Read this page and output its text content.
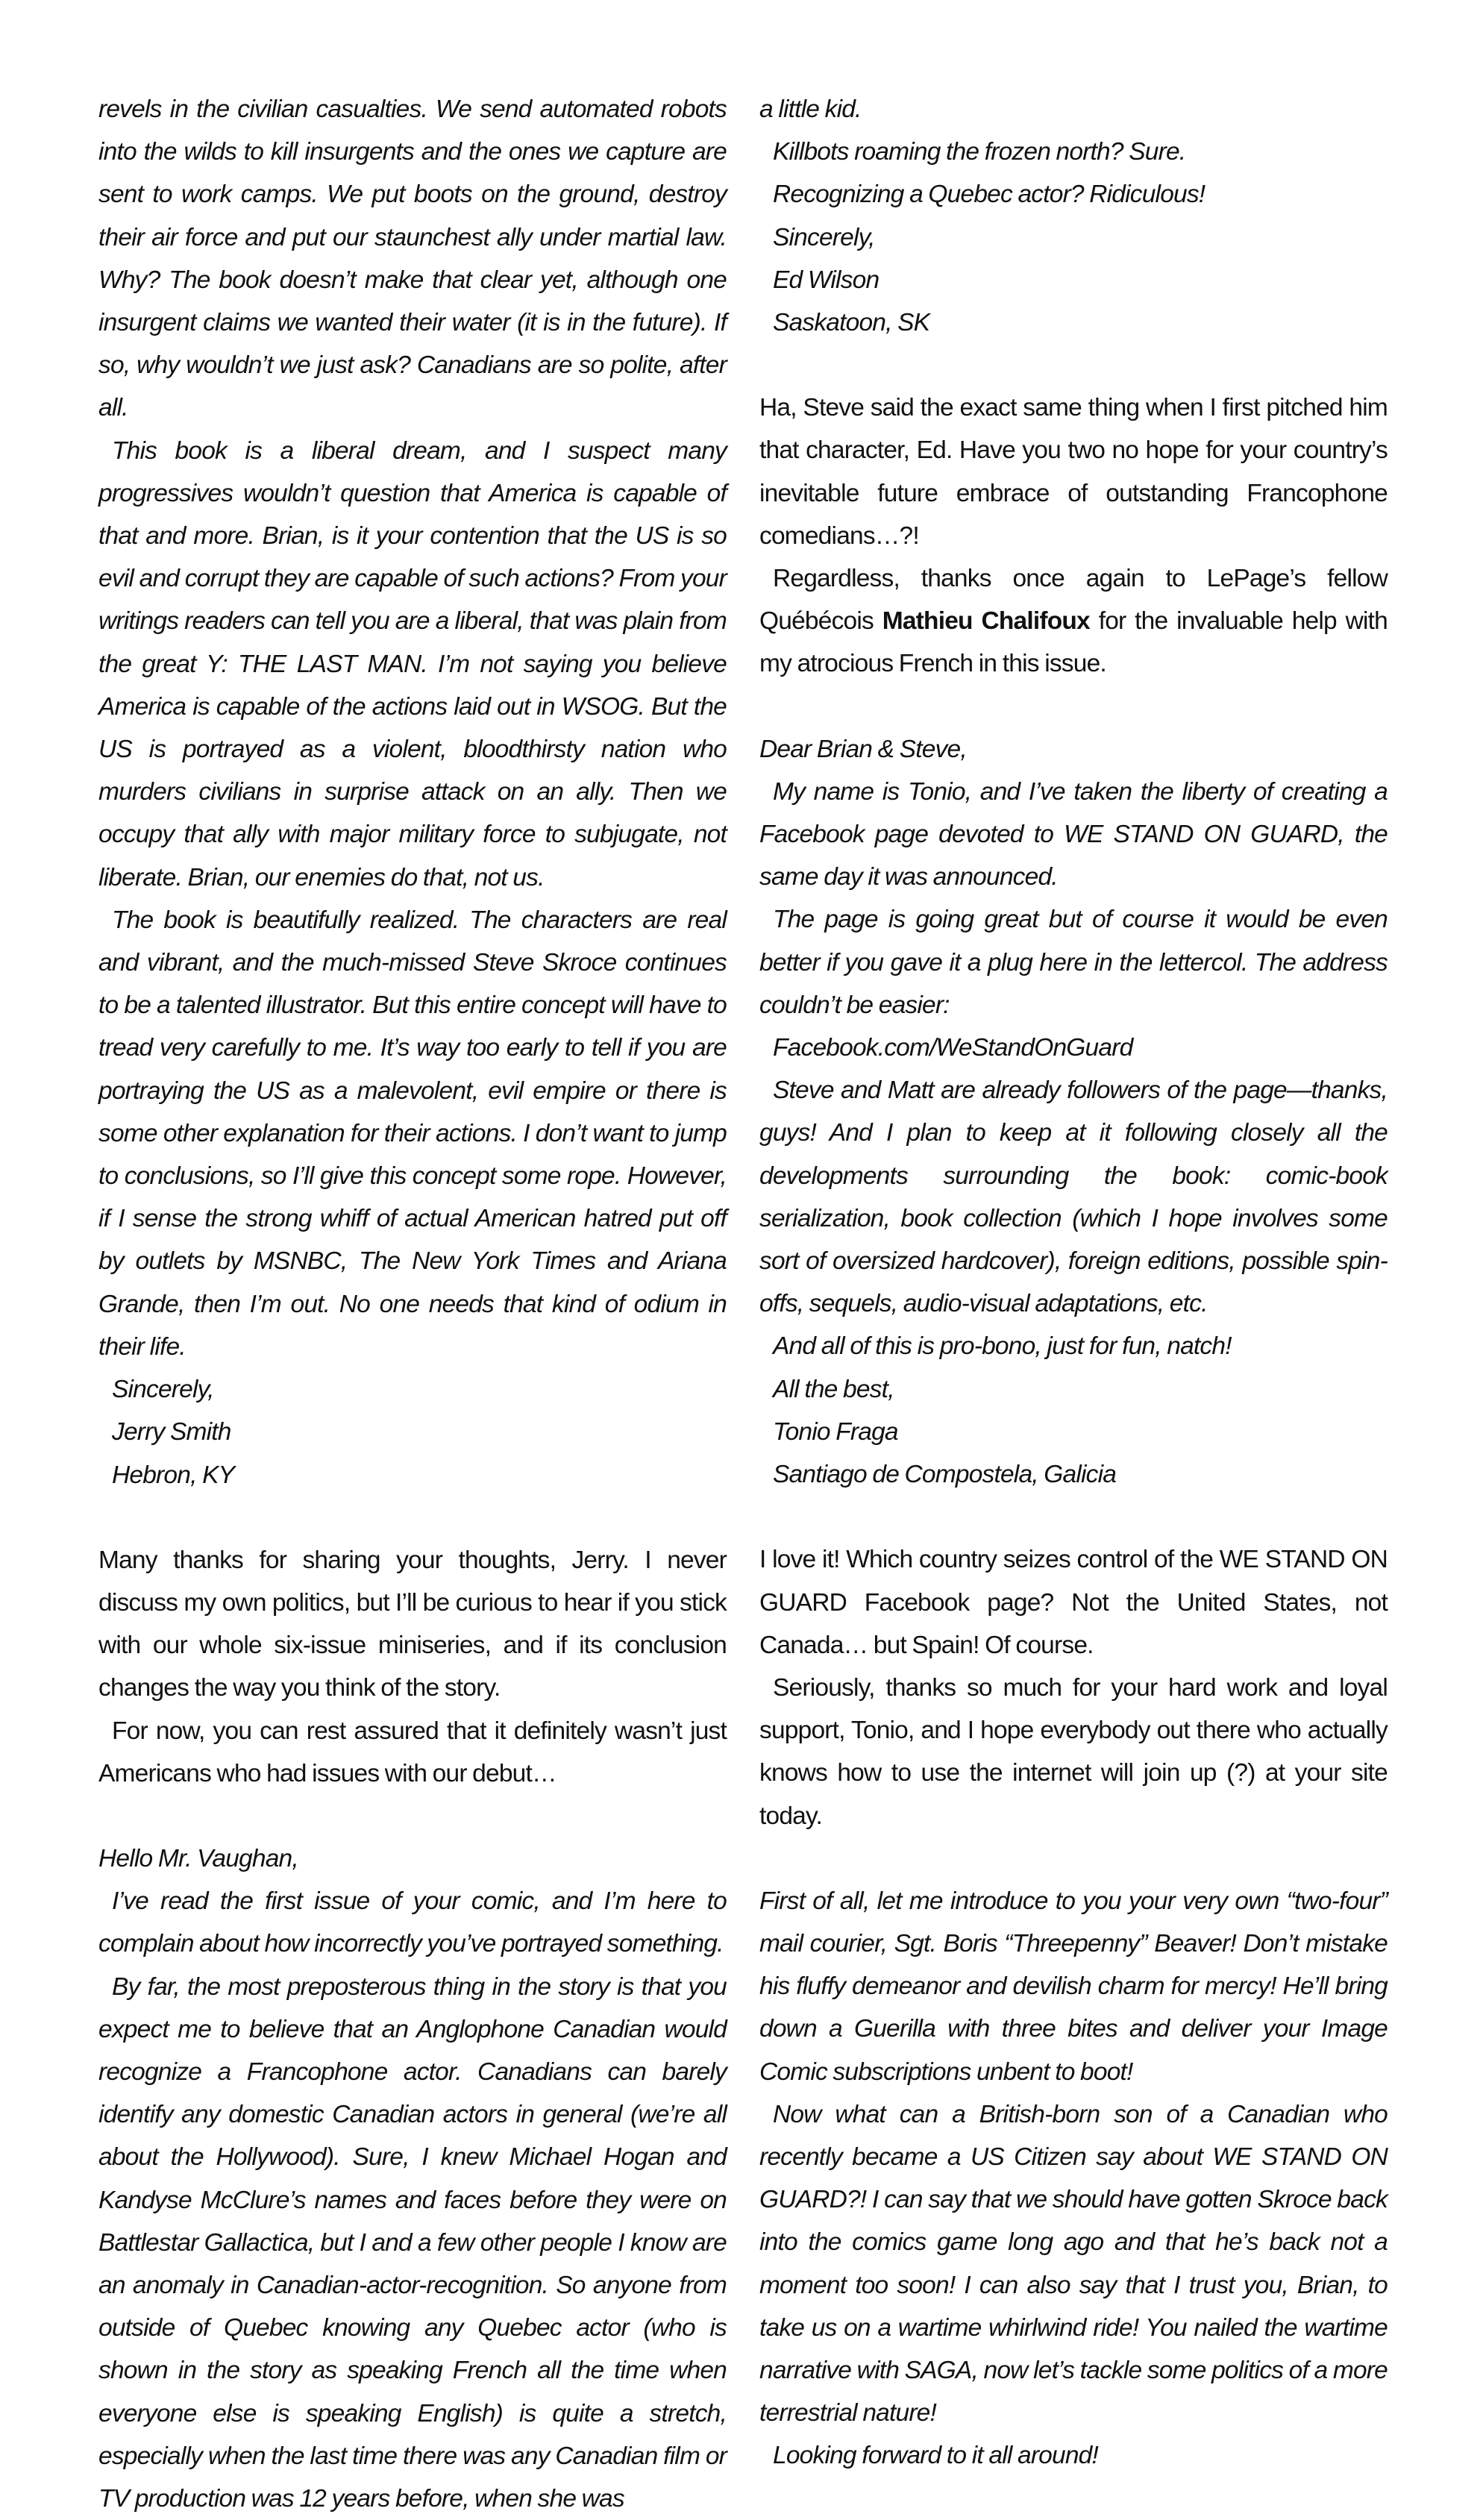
revels in the civilian casualties. We send automated robots into the wilds to kill insurgents and the ones we capture are sent to work camps. We put boots on the ground, destroy their air force and put our staunchest ally under martial law. Why? The book doesn’t make that clear yet, although one insurgent claims we wanted their water (it is in the future). If so, why wouldn’t we just ask? Canadians are so polite, after all.

This book is a liberal dream, and I suspect many progressives wouldn’t question that America is capable of that and more. Brian, is it your contention that the US is so evil and corrupt they are capable of such actions? From your writings readers can tell you are a liberal, that was plain from the great Y: THE LAST MAN. I’m not saying you believe America is capable of the actions laid out in WSOG. But the US is portrayed as a violent, bloodthirsty nation who murders civilians in surprise attack on an ally. Then we occupy that ally with major military force to subjugate, not liberate. Brian, our enemies do that, not us.

The book is beautifully realized. The characters are real and vibrant, and the much-missed Steve Skroce continues to be a talented illustrator. But this entire concept will have to tread very carefully to me. It’s way too early to tell if you are portraying the US as a malevolent, evil empire or there is some other explanation for their actions. I don’t want to jump to conclusions, so I’ll give this concept some rope. However, if I sense the strong whiff of actual American hatred put off by outlets by MSNBC, The New York Times and Ariana Grande, then I’m out. No one needs that kind of odium in their life.

Sincerely,

Jerry Smith

Hebron, KY

Many thanks for sharing your thoughts, Jerry. I never discuss my own politics, but I’ll be curious to hear if you stick with our whole six-issue miniseries, and if its conclusion changes the way you think of the story.

For now, you can rest assured that it definitely wasn’t just Americans who had issues with our debut…

Hello Mr. Vaughan,

I’ve read the first issue of your comic, and I’m here to complain about how incorrectly you’ve portrayed something.

By far, the most preposterous thing in the story is that you expect me to believe that an Anglophone Canadian would recognize a Francophone actor. Canadians can barely identify any domestic Canadian actors in general (we’re all about the Hollywood). Sure, I knew Michael Hogan and Kandyse McClure’s names and faces before they were on Battlestar Gallactica, but I and a few other people I know are an anomaly in Canadian-actor-recognition. So anyone from outside of Quebec knowing any Quebec actor (who is shown in the story as speaking French all the time when everyone else is speaking English) is quite a stretch, especially when the last time there was any Canadian film or TV production was 12 years before, when she was

a little kid.

Killbots roaming the frozen north? Sure.

Recognizing a Quebec actor? Ridiculous!

Sincerely,

Ed Wilson

Saskatoon, SK

Ha, Steve said the exact same thing when I first pitched him that character, Ed. Have you two no hope for your country’s inevitable future embrace of outstanding Francophone comedians…?!

Regardless, thanks once again to LePage’s fellow Québécois Mathieu Chalifoux for the invaluable help with my atrocious French in this issue.

Dear Brian & Steve,

My name is Tonio, and I’ve taken the liberty of creating a Facebook page devoted to WE STAND ON GUARD, the same day it was announced.

The page is going great but of course it would be even better if you gave it a plug here in the lettercol. The address couldn’t be easier:

Facebook.com/WeStandOnGuard

Steve and Matt are already followers of the page—thanks, guys! And I plan to keep at it following closely all the developments surrounding the book: comic-book serialization, book collection (which I hope involves some sort of oversized hardcover), foreign editions, possible spin-offs, sequels, audio-visual adaptations, etc.

And all of this is pro-bono, just for fun, natch!

All the best,

Tonio Fraga

Santiago de Compostela, Galicia

I love it! Which country seizes control of the WE STAND ON GUARD Facebook page? Not the United States, not Canada… but Spain! Of course.

Seriously, thanks so much for your hard work and loyal support, Tonio, and I hope everybody out there who actually knows how to use the internet will join up (?) at your site today.

First of all, let me introduce to you your very own “two-four” mail courier, Sgt. Boris “Threepenny” Beaver! Don’t mistake his fluffy demeanor and devilish charm for mercy! He’ll bring down a Guerilla with three bites and deliver your Image Comic subscriptions unbent to boot!

Now what can a British-born son of a Canadian who recently became a US Citizen say about WE STAND ON GUARD?! I can say that we should have gotten Skroce back into the comics game long ago and that he’s back not a moment too soon! I can also say that I trust you, Brian, to take us on a wartime whirlwind ride! You nailed the wartime narrative with SAGA, now let’s tackle some politics of a more terrestrial nature!

Looking forward to it all around!
